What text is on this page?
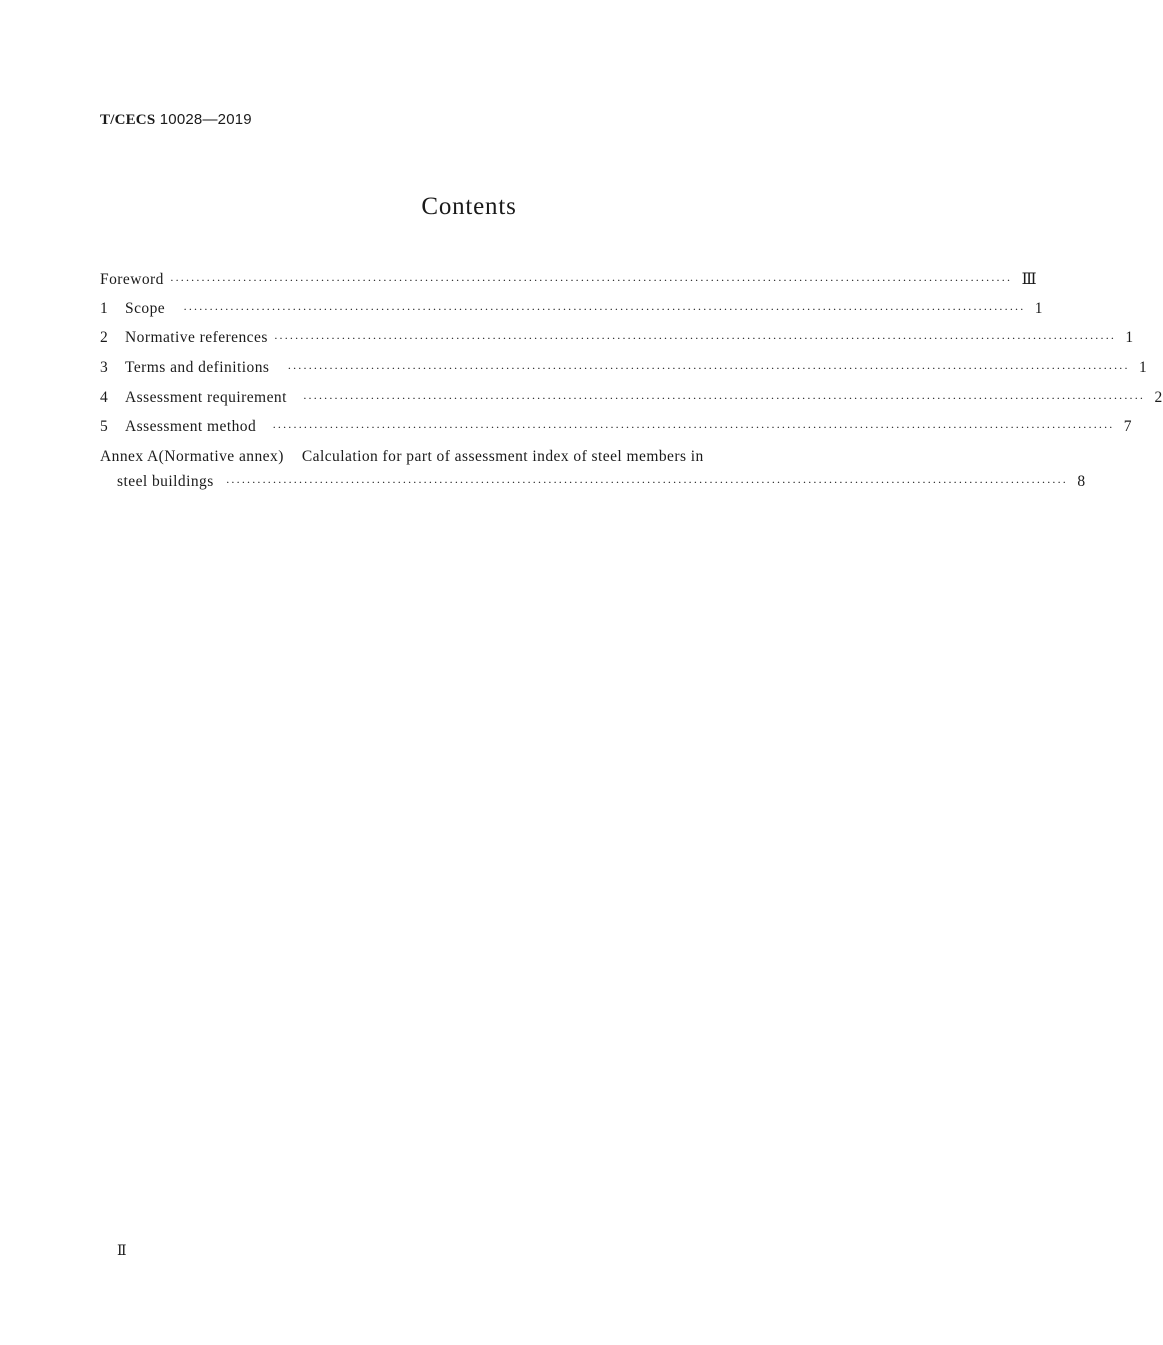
T/CECS 10028—2019
Contents
Foreword ·································································································································································· Ⅲ
1	Scope ·································································································································································· 1
2	Normative references ·································································································································································· 1
3	Terms and definitions ·································································································································································· 1
4	Assessment requirement ·································································································································································· 2
5	Assessment method ·································································································································································· 7
Annex A(Normative annex) Calculation for part of assessment index of steel members in
steel buildings ·································································································································································· 8
Ⅱ
